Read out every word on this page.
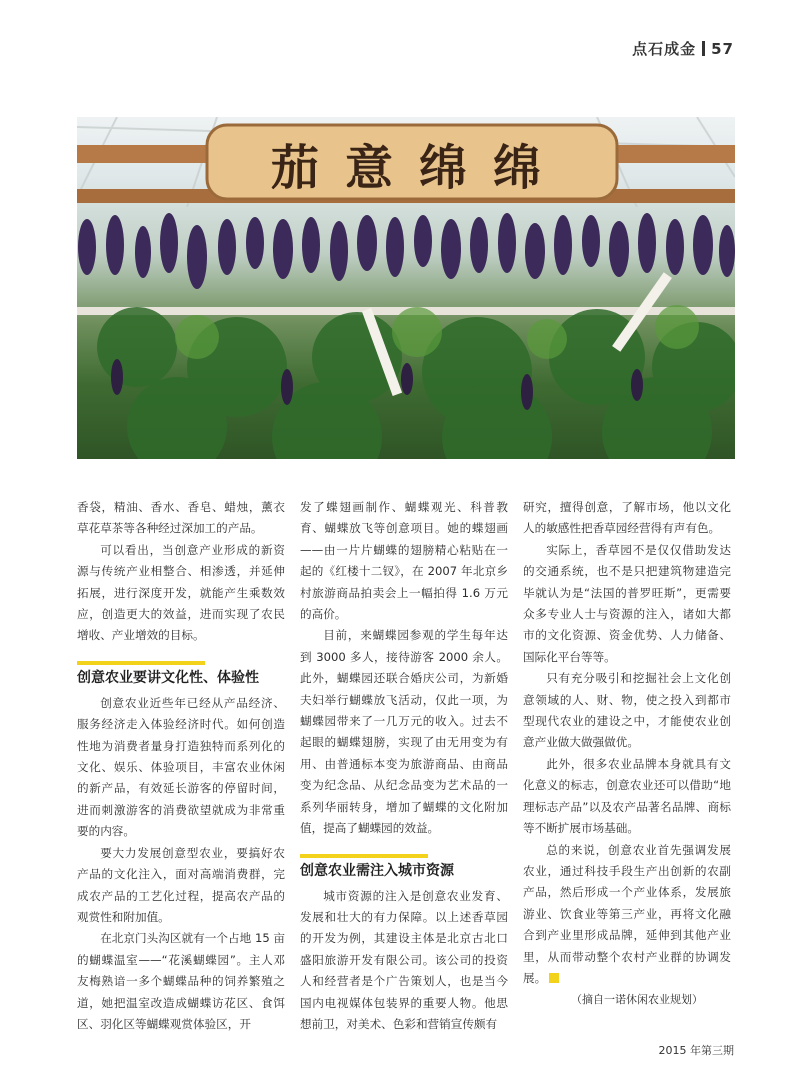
点石成金 57
茄意绵绵

香袋，精油、香水、香皂、蜡烛，薰衣草花草茶等各种经过深加工的产品。

可以看出，当创意产业形成的新资源与传统产业相整合、相渗透，并延伸拓展，进行深度开发，就能产生乘数效应，创造更大的效益，进而实现了农民增收、产业增效的目标。

创意农业要讲文化性、体验性

创意农业近些年已经从产品经济、服务经济走入体验经济时代。如何创造性地为消费者量身打造独特而系列化的文化、娱乐、体验项目，丰富农业休闲的新产品，有效延长游客的停留时间，进而刺激游客的消费欲望就成为非常重要的内容。

要大力发展创意型农业，要搞好农产品的文化注入，面对高端消费群，完成农产品的工艺化过程，提高农产品的观赏性和附加值。

在北京门头沟区就有一个占地 15 亩的蝴蝶温室——“花溪蝴蝶园”。主人邓友梅熟谙一多个蝴蝶品种的饲养繁殖之道，她把温室改造成蝴蝶访花区、食饵区、羽化区等蝴蝶观赏体验区，开

发了蝶翅画制作、蝴蝶观光、科普教育、蝴蝶放飞等创意项目。她的蝶翅画——由一片片蝴蝶的翅膀精心粘贴在一起的《红楼十二钗》，在 2007 年北京乡村旅游商品拍卖会上一幅拍得 1.6 万元的高价。

目前，来蝴蝶园参观的学生每年达到 3000 多人，接待游客 2000 余人。此外，蝴蝶园还联合婚庆公司，为新婚夫妇举行蝴蝶放飞活动，仅此一项，为蝴蝶园带来了一几万元的收入。过去不起眼的蝴蝶翅膀，实现了由无用变为有用、由普通标本变为旅游商品、由商品变为纪念品、从纪念品变为艺术品的一系列华丽转身，增加了蝴蝶的文化附加值，提高了蝴蝶园的效益。

创意农业需注入城市资源

城市资源的注入是创意农业发育、发展和壮大的有力保障。以上述香草园的开发为例，其建设主体是北京古北口盛阳旅游开发有限公司。该公司的投资人和经营者是个广告策划人，也是当今国内电视媒体包装界的重要人物。他思想前卫，对美术、色彩和营销宣传颇有

研究，擅得创意，了解市场，他以文化人的敏感性把香草园经营得有声有色。

实际上，香草园不是仅仅借助发达的交通系统，也不是只把建筑物建造完毕就认为是“法国的普罗旺斯”，更需要众多专业人士与资源的注入，诸如大都市的文化资源、资金优势、人力储备、国际化平台等等。

只有充分吸引和挖掘社会上文化创意领域的人、财、物，使之投入到都市型现代农业的建设之中，才能使农业创意产业做大做强做优。

此外，很多农业品牌本身就具有文化意义的标志，创意农业还可以借助“地理标志产品”以及农产品著名品牌、商标等不断扩展市场基础。

总的来说，创意农业首先强调发展农业，通过科技手段生产出创新的农副产品，然后形成一个产业体系，发展旅游业、饮食业等第三产业，再将文化融合到产业里形成品牌，延伸到其他产业里，从而带动整个农村产业群的协调发展。

（摘自一诺休闲农业规划）

2015 年第三期
